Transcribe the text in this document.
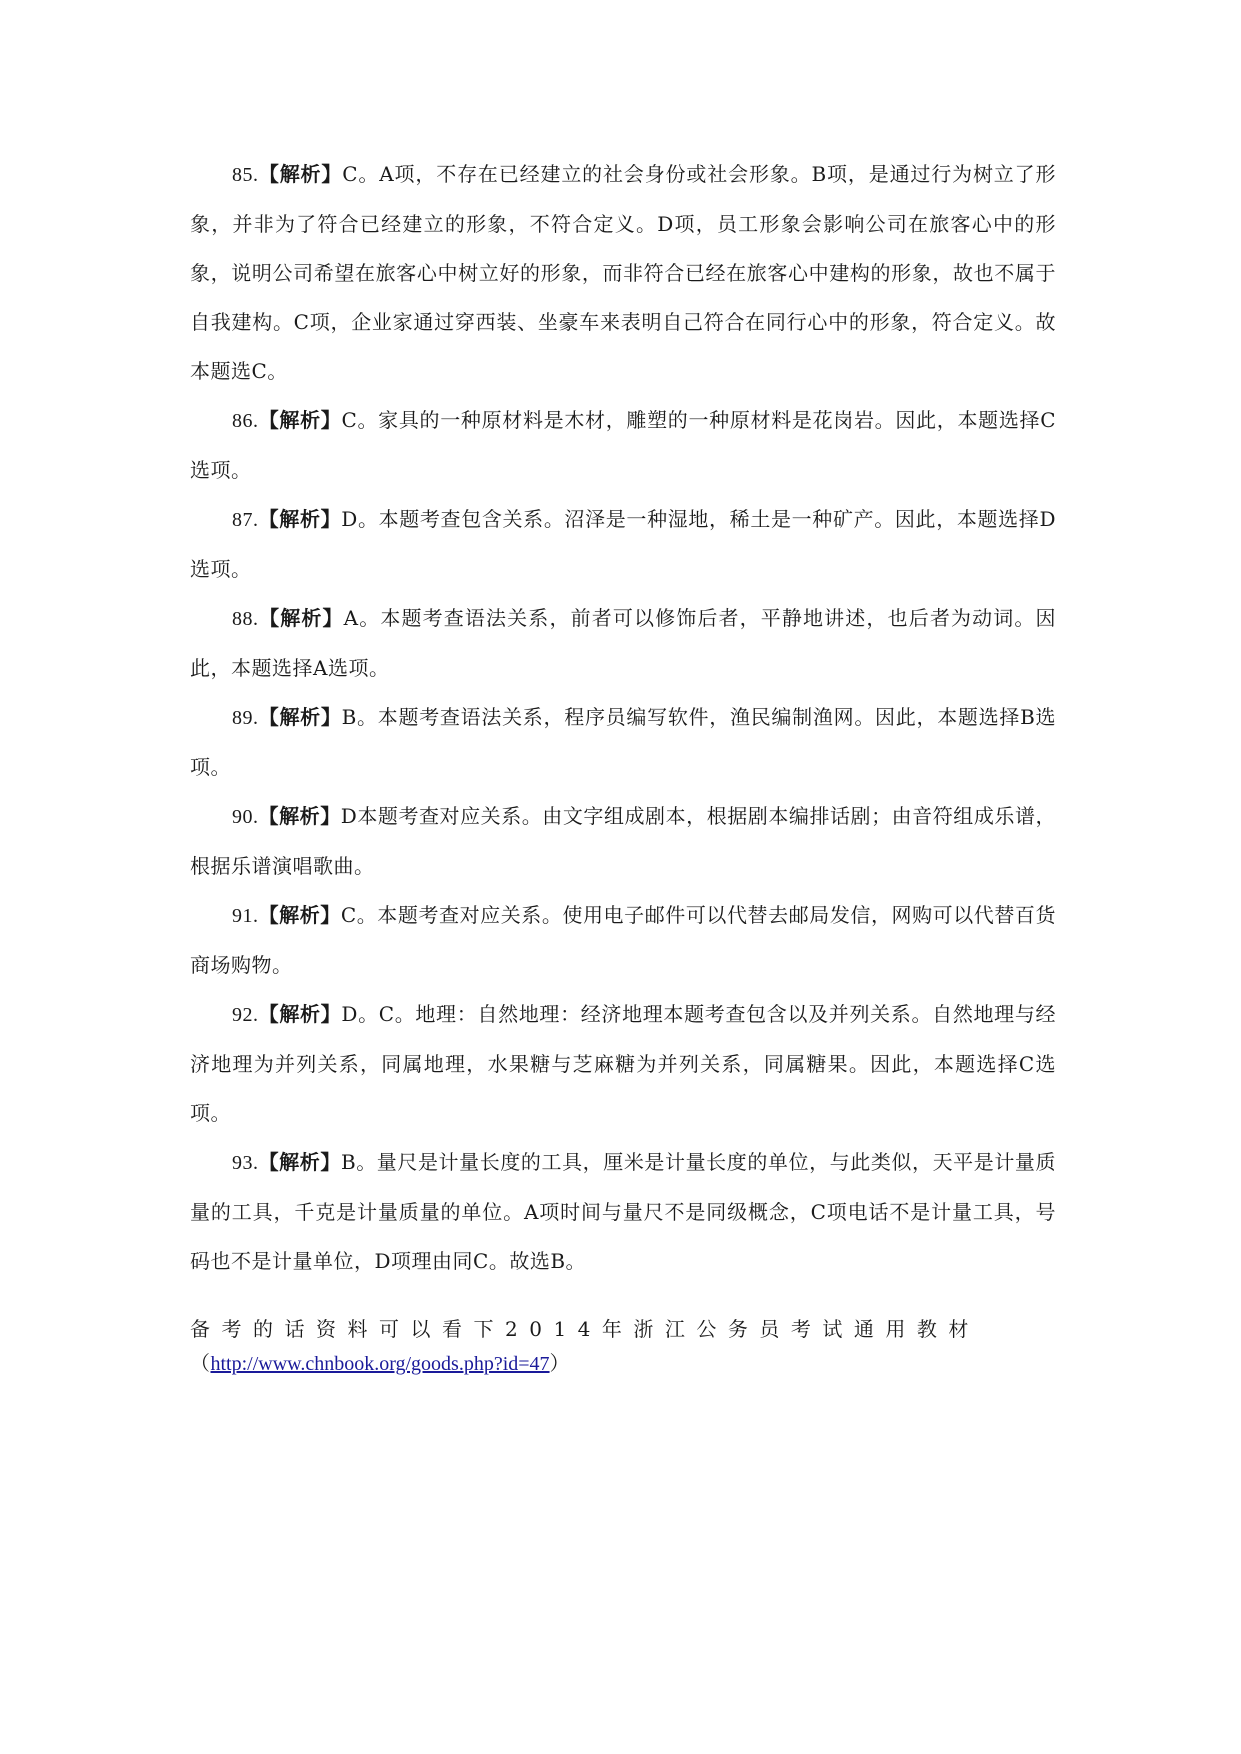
85.【解析】C。A项，不存在已经建立的社会身份或社会形象。B项，是通过行为树立了形象，并非为了符合已经建立的形象，不符合定义。D项，员工形象会影响公司在旅客心中的形象，说明公司希望在旅客心中树立好的形象，而非符合已经在旅客心中建构的形象，故也不属于自我建构。C项，企业家通过穿西装、坐豪车来表明自己符合在同行心中的形象，符合定义。故本题选C。

86.【解析】C。家具的一种原材料是木材，雕塑的一种原材料是花岗岩。因此，本题选择C选项。

87.【解析】D。本题考查包含关系。沼泽是一种湿地，稀土是一种矿产。因此，本题选择D选项。

88.【解析】A。本题考查语法关系，前者可以修饰后者，平静地讲述，也后者为动词。因此，本题选择A选项。

89.【解析】B。本题考查语法关系，程序员编写软件，渔民编制渔网。因此，本题选择B选项。

90.【解析】D本题考查对应关系。由文字组成剧本，根据剧本编排话剧；由音符组成乐谱，根据乐谱演唱歌曲。

91.【解析】C。本题考查对应关系。使用电子邮件可以代替去邮局发信，网购可以代替百货商场购物。

92.【解析】D。C。地理：自然地理：经济地理本题考查包含以及并列关系。自然地理与经济地理为并列关系，同属地理，水果糖与芝麻糖为并列关系，同属糖果。因此，本题选择C选项。

93.【解析】B。量尺是计量长度的工具，厘米是计量长度的单位，与此类似，天平是计量质量的工具，千克是计量质量的单位。A项时间与量尺不是同级概念，C项电话不是计量工具，号码也不是计量单位，D项理由同C。故选B。

备考的话资料可以看下2014年浙江公务员考试通用教材
（http://www.chnbook.org/goods.php?id=47）
